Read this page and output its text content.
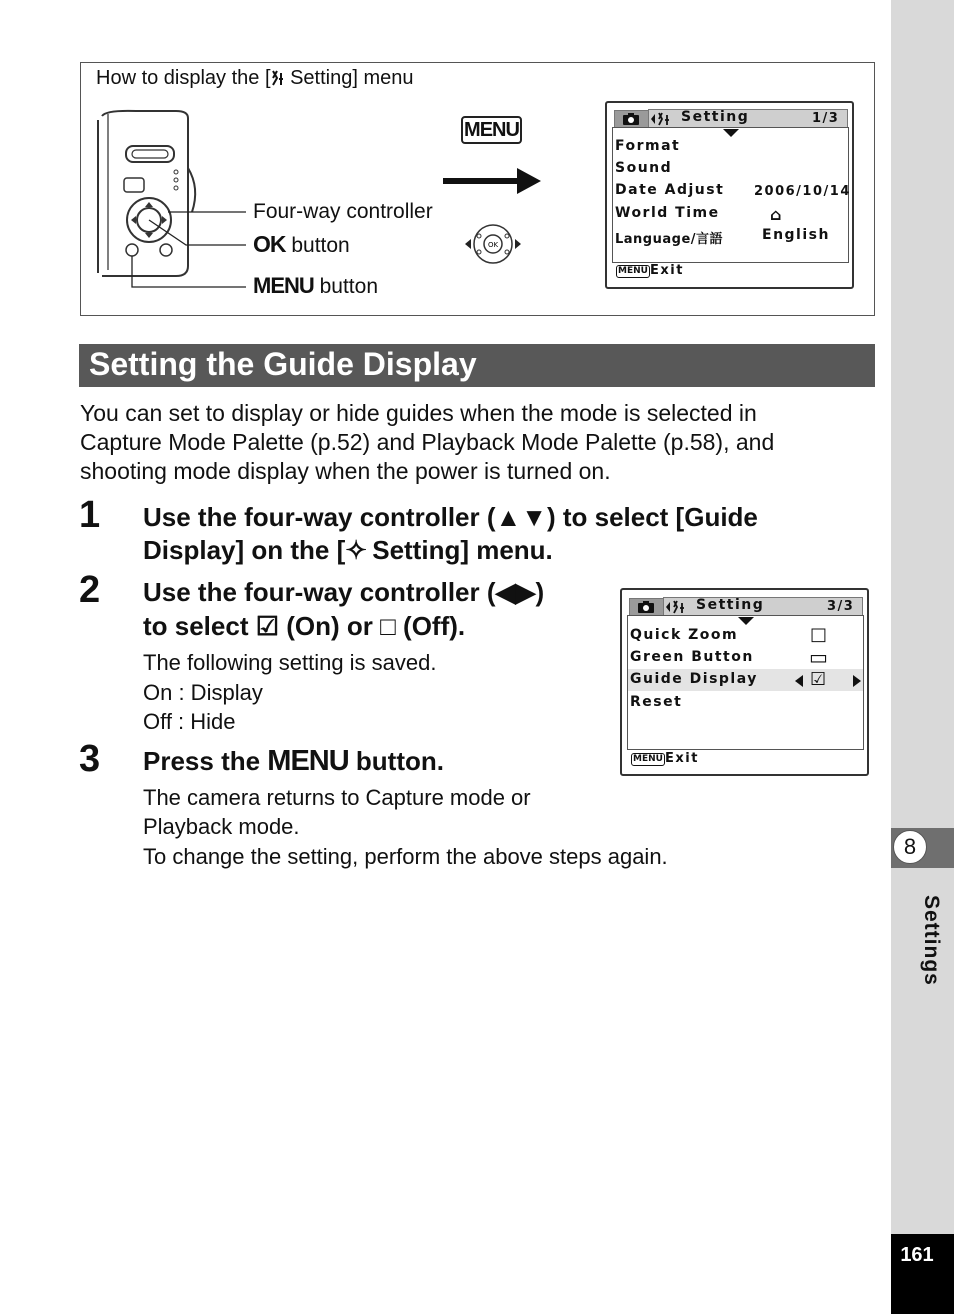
8
Settings
161
How to display the [ Setting] menu
Four-way controller
OK button
MENU button
MENU
OK
Setting	1/3
Format
Sound
Date Adjust 2006/10/14
World Time	⌂
Language/言語	English
MENU Exit
Setting the Guide Display
You can set to display or hide guides when the mode is selected in
Capture Mode Palette (p.52) and Playback Mode Palette (p.58), and
shooting mode display when the power is turned on.
1 Use the four-way controller (▲▼) to select [Guide
Display] on the [✧ Setting] menu.
2 Use the four-way controller (◀▶)
to select ☑ (On) or □ (Off).
The following setting is saved.
On : Display
Off : Hide
3 Press the MENU button.
The camera returns to Capture mode or
Playback mode.
To change the setting, perform the above steps again.
Setting	3/3
Quick Zoom	□
Green Button	▭
Guide Display	☑
Reset
MENU Exit
